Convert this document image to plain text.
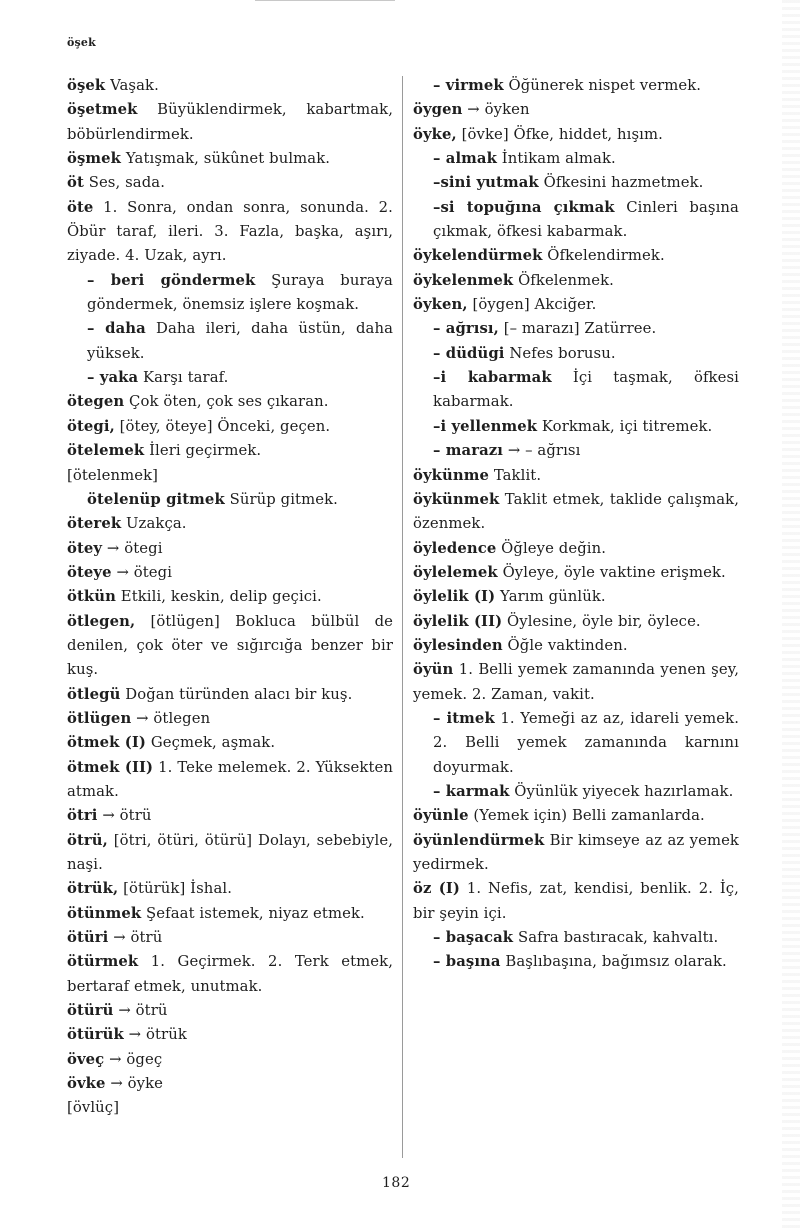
öşek
öşek Vaşak.
öşetmek Büyüklendirmek, kabartmak, böbürlendirmek.
öşmek Yatışmak, sükûnet bulmak.
öt Ses, sada.
öte 1. Sonra, ondan sonra, sonunda. 2. Öbür taraf, ileri. 3. Fazla, başka, aşırı, ziyade. 4. Uzak, ayrı.
– beri göndermek Şuraya buraya göndermek, önemsiz işlere koşmak.
– daha Daha ileri, daha üstün, daha yüksek.
– yaka Karşı taraf.
ötegen Çok öten, çok ses çıkaran.
ötegi, [ötey, öteye] Önceki, geçen.
ötelemek İleri geçirmek.
[ötelenmek]
ötelenüp gitmek Sürüp gitmek.
öterek Uzakça.
ötey → ötegi
öteye → ötegi
ötkün Etkili, keskin, delip geçici.
ötlegen, [ötlügen] Bokluca bülbül de denilen, çok öter ve sığırcığa benzer bir kuş.
ötlegü Doğan türünden alacı bir kuş.
ötlügen → ötlegen
ötmek (I) Geçmek, aşmak.
ötmek (II) 1. Teke melemek. 2. Yüksekten atmak.
ötri → ötrü
ötrü, [ötri, ötüri, ötürü] Dolayı, sebebiyle, naşi.
ötrük, [ötürük] İshal.
ötünmek Şefaat istemek, niyaz etmek.
ötüri → ötrü
ötürmek 1. Geçirmek. 2. Terk etmek, bertaraf etmek, unutmak.
ötürü → ötrü
ötürük → ötrük
öveç → ögeç
övke → öyke
[övlüç]
– virmek Öğünerek nispet vermek.
öygen → öyken
öyke, [övke] Öfke, hiddet, hışım.
– almak İntikam almak.
–sini yutmak Öfkesini hazmetmek.
–si topuğına çıkmak Cinleri başına çıkmak, öfkesi kabarmak.
öykelendürmek Öfkelendirmek.
öykelenmek Öfkelenmek.
öyken, [öygen] Akciğer.
– ağrısı, [– marazı] Zatürree.
– düdügi Nefes borusu.
–i kabarmak İçi taşmak, öfkesi kabarmak.
–i yellenmek Korkmak, içi titremek.
– marazı → – ağrısı
öykünme Taklit.
öykünmek Taklit etmek, taklide çalışmak, özenmek.
öyledence Öğleye değin.
öylelemek Öyleye, öyle vaktine erişmek.
öylelik (I) Yarım günlük.
öylelik (II) Öylesine, öyle bir, öylece.
öylesinden Öğle vaktinden.
öyün 1. Belli yemek zamanında yenen şey, yemek. 2. Zaman, vakit.
– itmek 1. Yemeği az az, idareli yemek. 2. Belli yemek zamanında karnını doyurmak.
– karmak Öyünlük yiyecek hazırlamak.
öyünle (Yemek için) Belli zamanlarda.
öyünlendürmek Bir kimseye az az yemek yedirmek.
öz (I) 1. Nefis, zat, kendisi, benlik. 2. İç, bir şeyin içi.
– başacak Safra bastıracak, kahvaltı.
– başına Başlıbaşına, bağımsız olarak.
182
